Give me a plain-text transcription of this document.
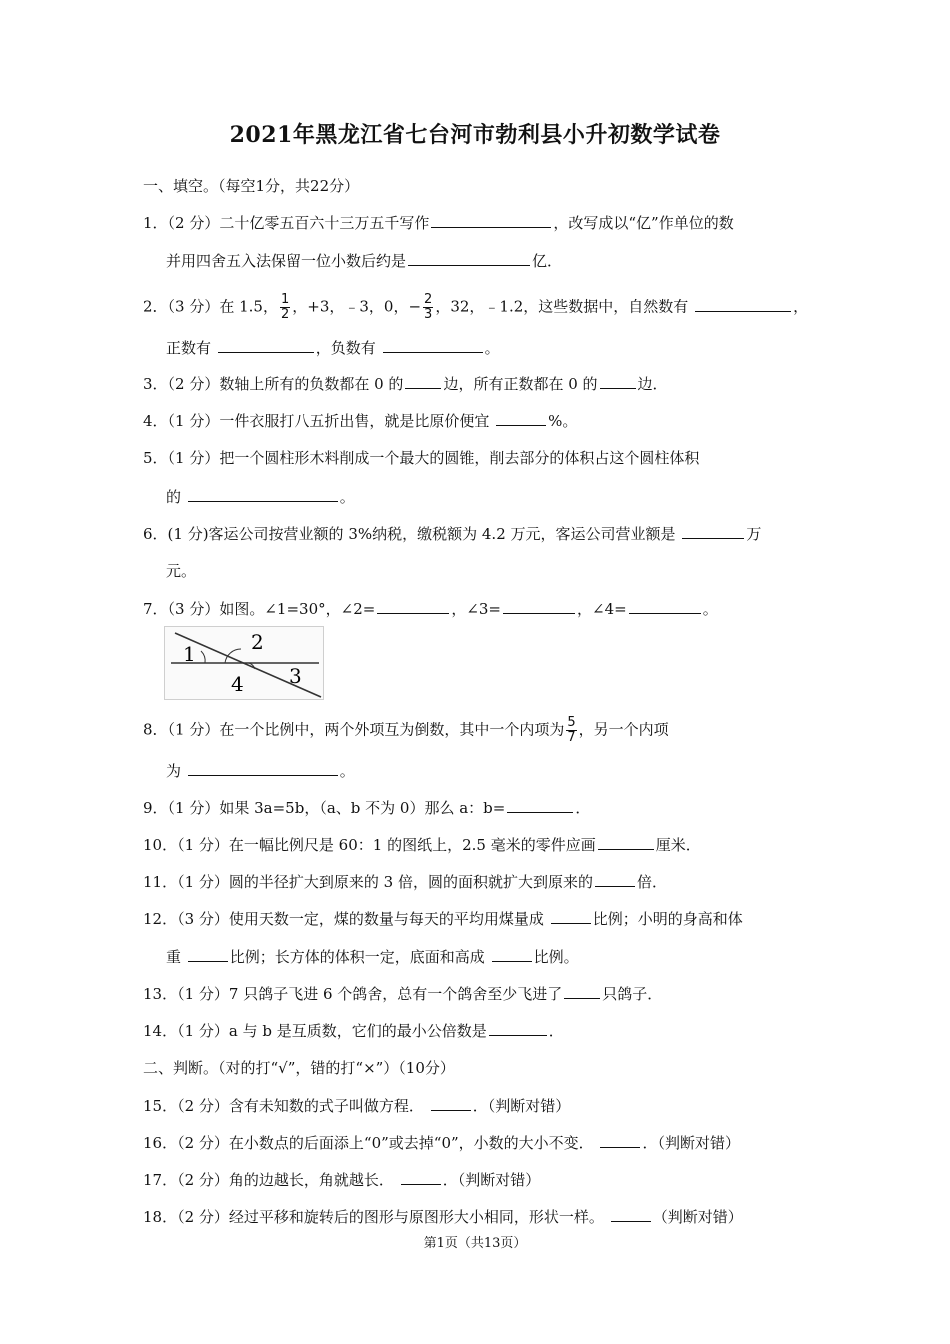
2021年黑龙江省七台河市勃利县小升初数学试卷
一、填空。（每空1分，共22分）
1．（2 分）二十亿零五百六十三万五千写作	，改写成以“亿”作单位的数
并用四舍五入法保留一位小数后约是	亿．
2．（3 分）在 1.5， $\frac{1}{2}$ ，+3，﹣3，0，− $\frac{2}{3}$ ，32，﹣1.2，这些数据中，自然数有	，
正数有	，负数有	。
3．（2 分）数轴上所有的负数都在 0 的	边，所有正数都在 0 的	边．
4．（1 分）一件衣服打八五折出售，就是比原价便宜	%。
5．（1 分）把一个圆柱形木料削成一个最大的圆锥，削去部分的体积占这个圆柱体积
的	。
6．(1 分)客运公司按营业额的 3%纳税，缴税额为 4.2 万元，客运公司营业额是	万
元。
7．（3 分）如图。∠1=30°，∠2=	，∠3=	，∠4=	。
1	2
3
4
8．（1 分）在一个比例中，两个外项互为倒数，其中一个内项为 $\frac{5}{7}$ ，另一个内项
为	。
9．（1 分）如果 3a=5b，（a、b 不为 0）那么 a：b=	．
10．（1 分）在一幅比例尺是 60：1 的图纸上，2.5 毫米的零件应画	厘米．
11．（1 分）圆的半径扩大到原来的 3 倍，圆的面积就扩大到原来的	倍．
12．（3 分）使用天数一定，煤的数量与每天的平均用煤量成	比例；小明的身高和体
重	比例；长方体的体积一定，底面和高成	比例。
13．（1 分）7 只鸽子飞进 6 个鸽舍，总有一个鸽舍至少飞进了	只鸽子．
14．（1 分）a 与 b 是互质数，它们的最小公倍数是	．
二、判断。（对的打“√”，错的打“×”）（10分）
15．（2 分）含有未知数的式子叫做方程．	．（判断对错）
16．（2 分）在小数点的后面添上“0”或去掉“0”，小数的大小不变．	．（判断对错）
17．（2 分）角的边越长，角就越长．	．（判断对错）
18．（2 分）经过平移和旋转后的图形与原图形大小相同，形状一样。	（判断对错）
第1页（共13页）
